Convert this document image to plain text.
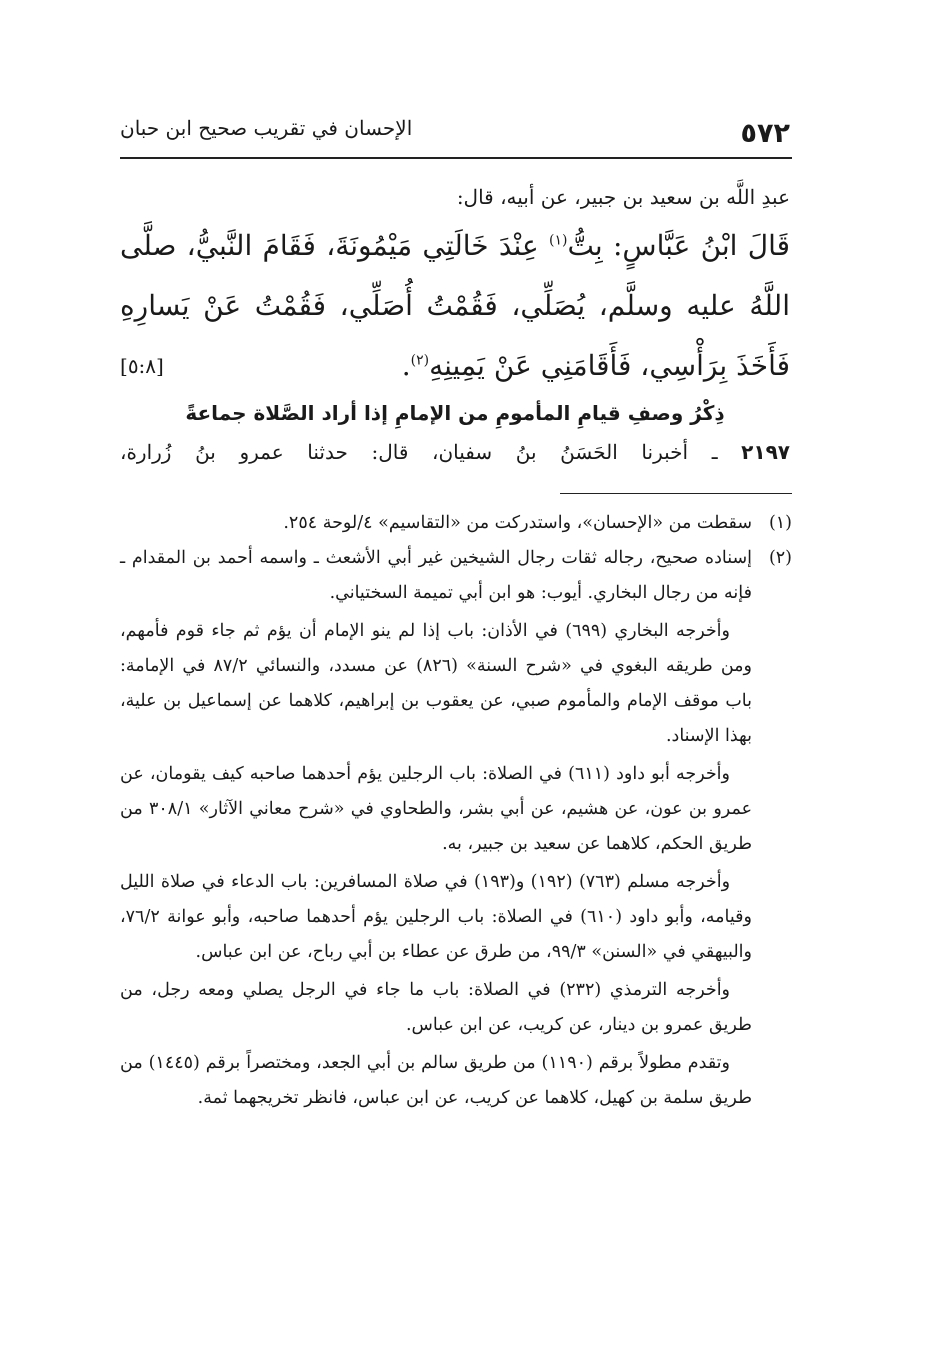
٥٧٢
الإحسان في تقريب صحيح ابن حبان

عبدِ اللَّه بن سعيد بن جبير، عن أبيه، قال:

قَالَ ابْنُ عَبَّاسٍ: بِتُّ$^{(١)}$ عِنْدَ خَالَتِي مَيْمُونَةَ، فَقَامَ النَّبيُّ، صلَّى اللَّهُ عليه وسلَّم، يُصَلِّي، فَقُمْتُ أُصَلِّي، فَقُمْتُ عَنْ يَسارِهِ فَأَخَذَ بِرَأْسِي، فَأَقَامَنِي عَنْ يَمِينِهِ$^{(٢)}$.
[٥:٨]

ذِكْرُ وصفِ قيامِ المأمومِ من الإمامِ إذا أراد الصَّلاة جماعةً

٢١٩٧ ـ أخبرنا الحَسَنُ بنُ سفيان، قال: حدثنا عمرو بنُ زُرارة،

(١)

سقطت من «الإحسان»، واستدركت من «التقاسيم» ٤/لوحة ٢٥٤.

(٢)

إسناده صحيح، رجاله ثقات رجال الشيخين غير أبي الأشعث ـ واسمه أحمد بن المقدام ـ فإنه من رجال البخاري. أيوب: هو ابن أبي تميمة السختياني.

وأخرجه البخاري (٦٩٩) في الأذان: باب إذا لم ينو الإمام أن يؤم ثم جاء قوم فأمهم، ومن طريقه البغوي في «شرح السنة» (٨٢٦) عن مسدد، والنسائي ٨٧/٢ في الإمامة: باب موقف الإمام والمأموم صبي، عن يعقوب بن إبراهيم، كلاهما عن إسماعيل بن علية، بهذا الإسناد.

وأخرجه أبو داود (٦١١) في الصلاة: باب الرجلين يؤم أحدهما صاحبه كيف يقومان، عن عمرو بن عون، عن هشيم، عن أبي بشر، والطحاوي في «شرح معاني الآثار» ٣٠٨/١ من طريق الحكم، كلاهما عن سعيد بن جبير، به.

وأخرجه مسلم (٧٦٣) (١٩٢) و(١٩٣) في صلاة المسافرين: باب الدعاء في صلاة الليل وقيامه، وأبو داود (٦١٠) في الصلاة: باب الرجلين يؤم أحدهما صاحبه، وأبو عوانة ٧٦/٢، والبيهقي في «السنن» ٩٩/٣، من طرق عن عطاء بن أبي رباح، عن ابن عباس.

وأخرجه الترمذي (٢٣٢) في الصلاة: باب ما جاء في الرجل يصلي ومعه رجل، من طريق عمرو بن دينار، عن كريب، عن ابن عباس.

وتقدم مطولاً برقم (١١٩٠) من طريق سالم بن أبي الجعد، ومختصراً برقم (١٤٤٥) من طريق سلمة بن كهيل، كلاهما عن كريب، عن ابن عباس، فانظر تخريجهما ثمة.
